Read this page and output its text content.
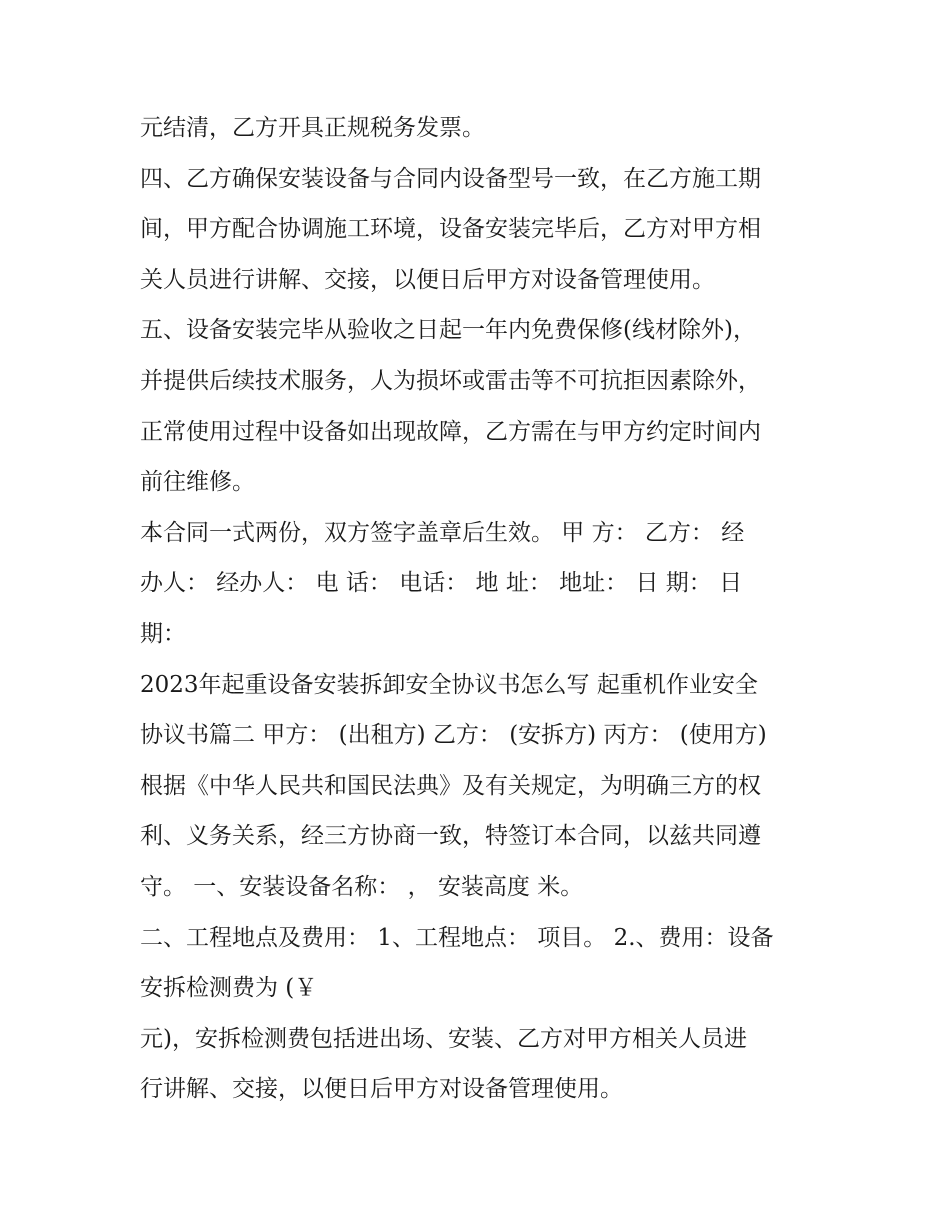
元结清，乙方开具正规税务发票。
四、乙方确保安装设备与合同内设备型号一致，在乙方施工期
间，甲方配合协调施工环境，设备安装完毕后，乙方对甲方相
关人员进行讲解、交接，以便日后甲方对设备管理使用。
五、设备安装完毕从验收之日起一年内免费保修(线材除外)，
并提供后续技术服务，人为损坏或雷击等不可抗拒因素除外，
正常使用过程中设备如出现故障，乙方需在与甲方约定时间内
前往维修。
本合同一式两份，双方签字盖章后生效。 甲 方： 乙方： 经
办人： 经办人： 电 话： 电话： 地 址： 地址： 日 期： 日
期：
2023年起重设备安装拆卸安全协议书怎么写 起重机作业安全
协议书篇二 甲方： (出租方) 乙方： (安拆方) 丙方： (使用方)
根据《中华人民共和国民法典》及有关规定，为明确三方的权
利、义务关系，经三方协商一致，特签订本合同，以兹共同遵
守。 一、安装设备名称： ， 安装高度 米。
二、工程地点及费用： 1、工程地点： 项目。 2.、费用：设备
安拆检测费为 (￥
元)，安拆检测费包括进出场、安装、乙方对甲方相关人员进
行讲解、交接，以便日后甲方对设备管理使用。
